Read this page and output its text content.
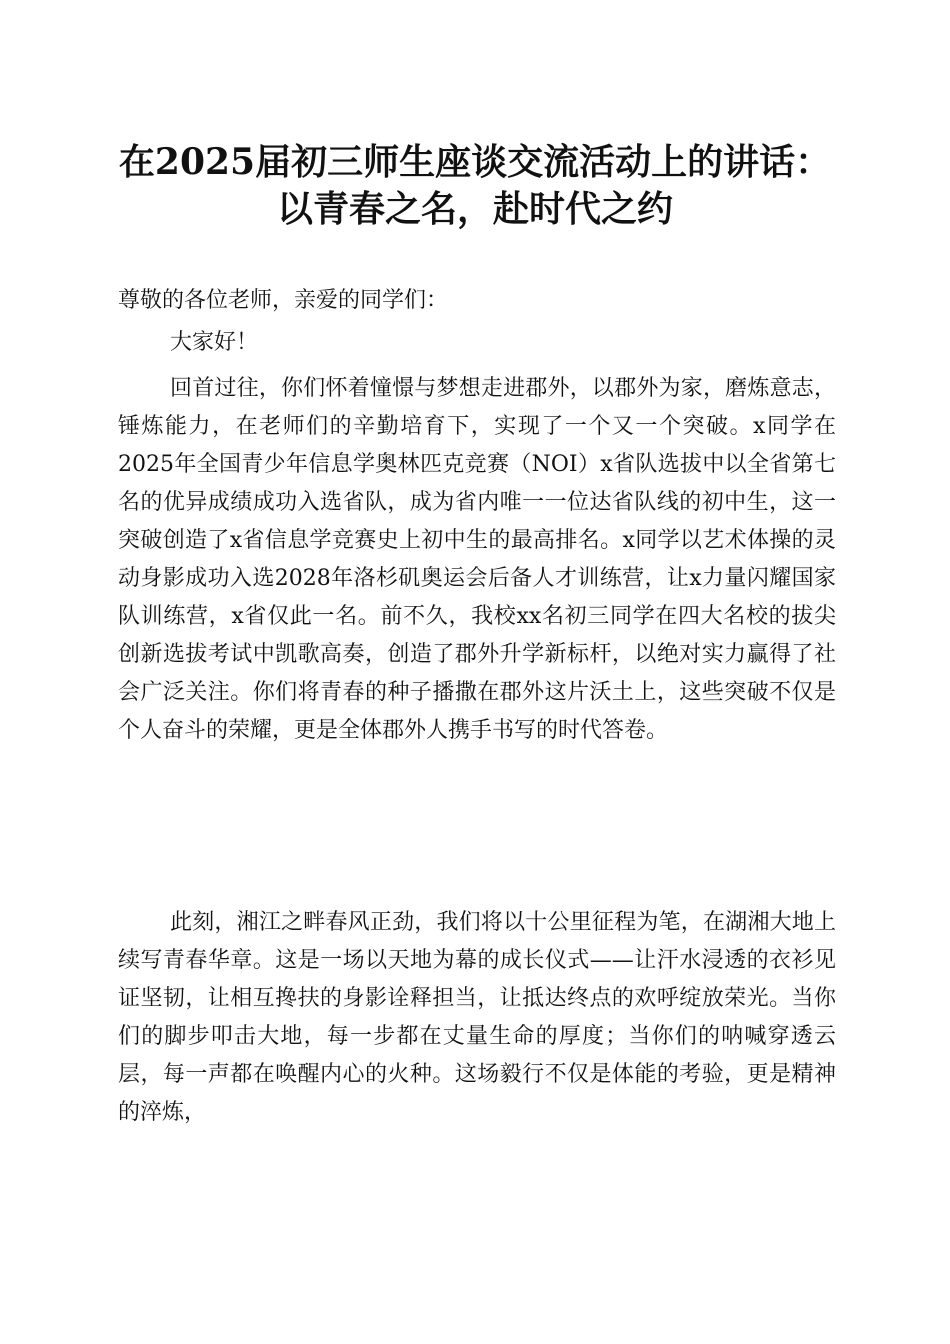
在2025届初三师生座谈交流活动上的讲话：
以青春之名，赴时代之约
尊敬的各位老师，亲爱的同学们：

大家好！

回首过往，你们怀着憧憬与梦想走进郡外，以郡外为家，磨炼意志，锤炼能力，在老师们的辛勤培育下，实现了一个又一个突破。x同学在2025年全国青少年信息学奥林匹克竞赛（NOI）x省队选拔中以全省第七名的优异成绩成功入选省队，成为省内唯一一位达省队线的初中生，这一突破创造了x省信息学竞赛史上初中生的最高排名。x同学以艺术体操的灵动身影成功入选2028年洛杉矶奥运会后备人才训练营，让x力量闪耀国家队训练营，x省仅此一名。前不久，我校xx名初三同学在四大名校的拔尖创新选拔考试中凯歌高奏，创造了郡外升学新标杆，以绝对实力赢得了社会广泛关注。你们将青春的种子播撒在郡外这片沃土上，这些突破不仅是个人奋斗的荣耀，更是全体郡外人携手书写的时代答卷。

此刻，湘江之畔春风正劲，我们将以十公里征程为笔，在湖湘大地上续写青春华章。这是一场以天地为幕的成长仪式——让汗水浸透的衣衫见证坚韧，让相互搀扶的身影诠释担当，让抵达终点的欢呼绽放荣光。当你们的脚步叩击大地，每一步都在丈量生命的厚度；当你们的呐喊穿透云层，每一声都在唤醒内心的火种。这场毅行不仅是体能的考验，更是精神的淬炼，
